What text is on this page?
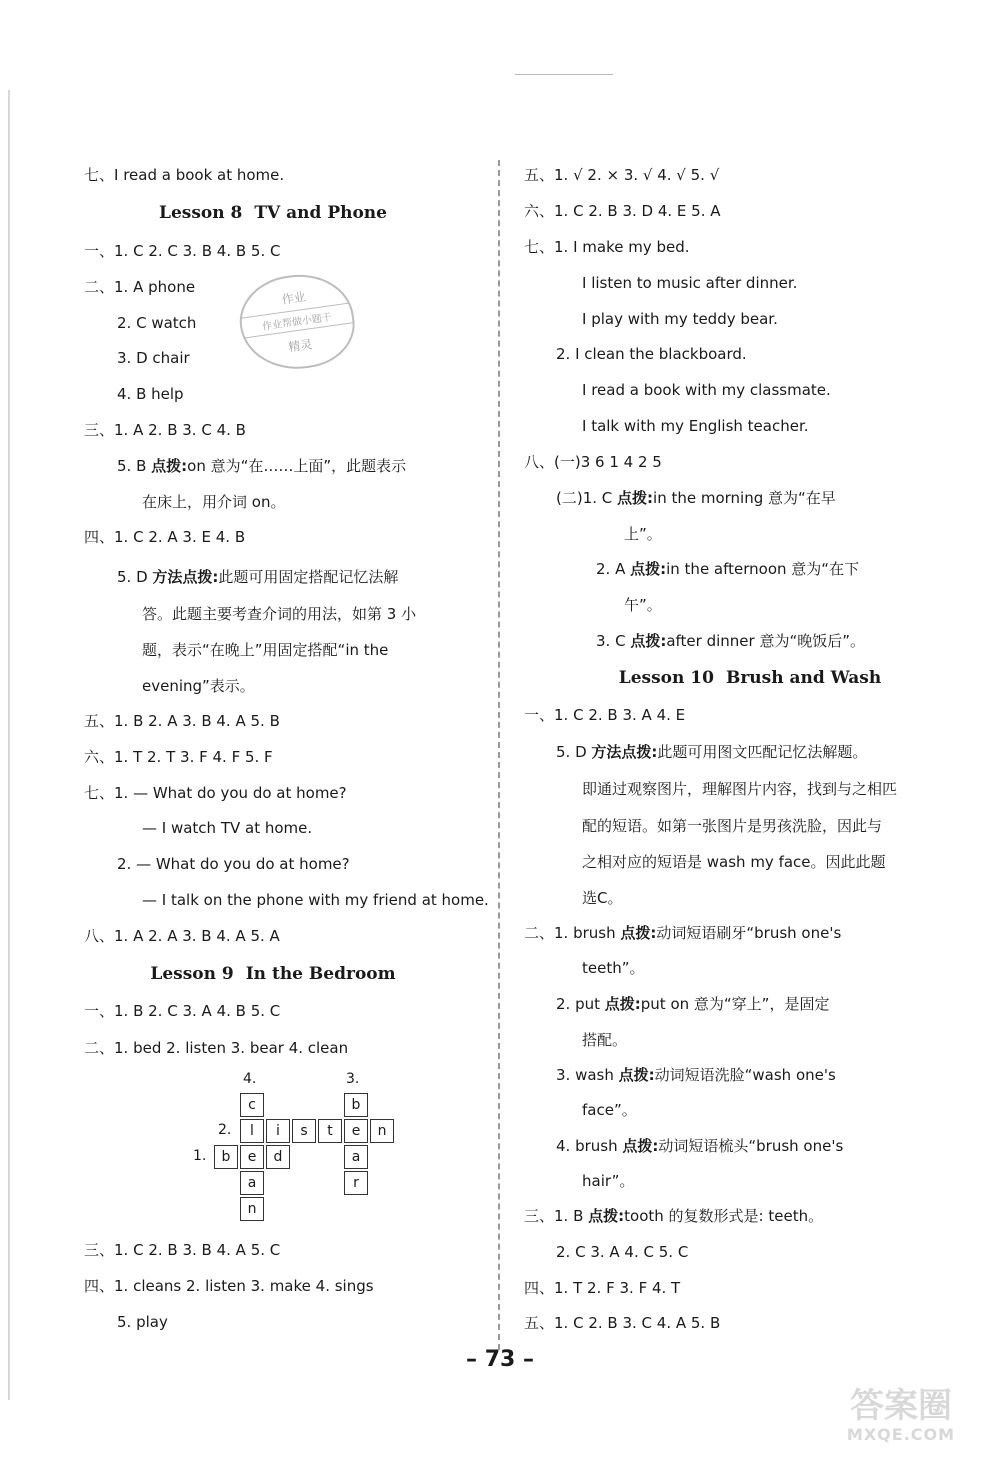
七、I read a book at home.
Lesson 8 TV and Phone
一、1. C 2. C 3. B 4. B 5. C
二、1. A phone
2. C watch
3. D chair
4. B help
三、1. A 2. B 3. C 4. B
5. B 点拨:on 意为“在……上面”，此题表示
在床上，用介词 on。
四、1. C 2. A 3. E 4. B
5. D 方法点拨:此题可用固定搭配记忆法解
答。此题主要考查介词的用法，如第 3 小
题，表示“在晚上”用固定搭配“in the
evening”表示。
五、1. B 2. A 3. B 4. A 5. B
六、1. T 2. T 3. F 4. F 5. F
七、1. — What do you do at home?
— I watch TV at home.
2. — What do you do at home?
— I talk on the phone with my friend at home.
八、1. A 2. A 3. B 4. A 5. A
Lesson 9 In the Bedroom
一、1. B 2. C 3. A 4. B 5. C
二、1. bed 2. listen 3. bear 4. clean
4.	3.
2.
1.
c	b
l	i	s	t	e	n
b	e	d	a
a	r
n
三、1. C 2. B 3. B 4. A 5. C
四、1. cleans 2. listen 3. make 4. sings
5. play
作业
作业帮做小题干
精灵
五、1. √ 2. × 3. √ 4. √ 5. √
六、1. C 2. B 3. D 4. E 5. A
七、1. I make my bed.
I listen to music after dinner.
I play with my teddy bear.
2. I clean the blackboard.
I read a book with my classmate.
I talk with my English teacher.
八、(一)3 6 1 4 2 5
(二)1. C 点拨:in the morning 意为“在早
上”。
2. A 点拨:in the afternoon 意为“在下
午”。
3. C 点拨:after dinner 意为“晚饭后”。
Lesson 10 Brush and Wash
一、1. C 2. B 3. A 4. E
5. D 方法点拨:此题可用图文匹配记忆法解题。
即通过观察图片，理解图片内容，找到与之相匹
配的短语。如第一张图片是男孩洗脸，因此与
之相对应的短语是 wash my face。因此此题
选C。
二、1. brush 点拨:动词短语刷牙“brush one's
teeth”。
2. put 点拨:put on 意为“穿上”，是固定
搭配。
3. wash 点拨:动词短语洗脸“wash one's
face”。
4. brush 点拨:动词短语梳头“brush one's
hair”。
三、1. B 点拨:tooth 的复数形式是: teeth。
2. C 3. A 4. C 5. C
四、1. T 2. F 3. F 4. T
五、1. C 2. B 3. C 4. A 5. B
– 73 –
答案圈
MXQE.COM
